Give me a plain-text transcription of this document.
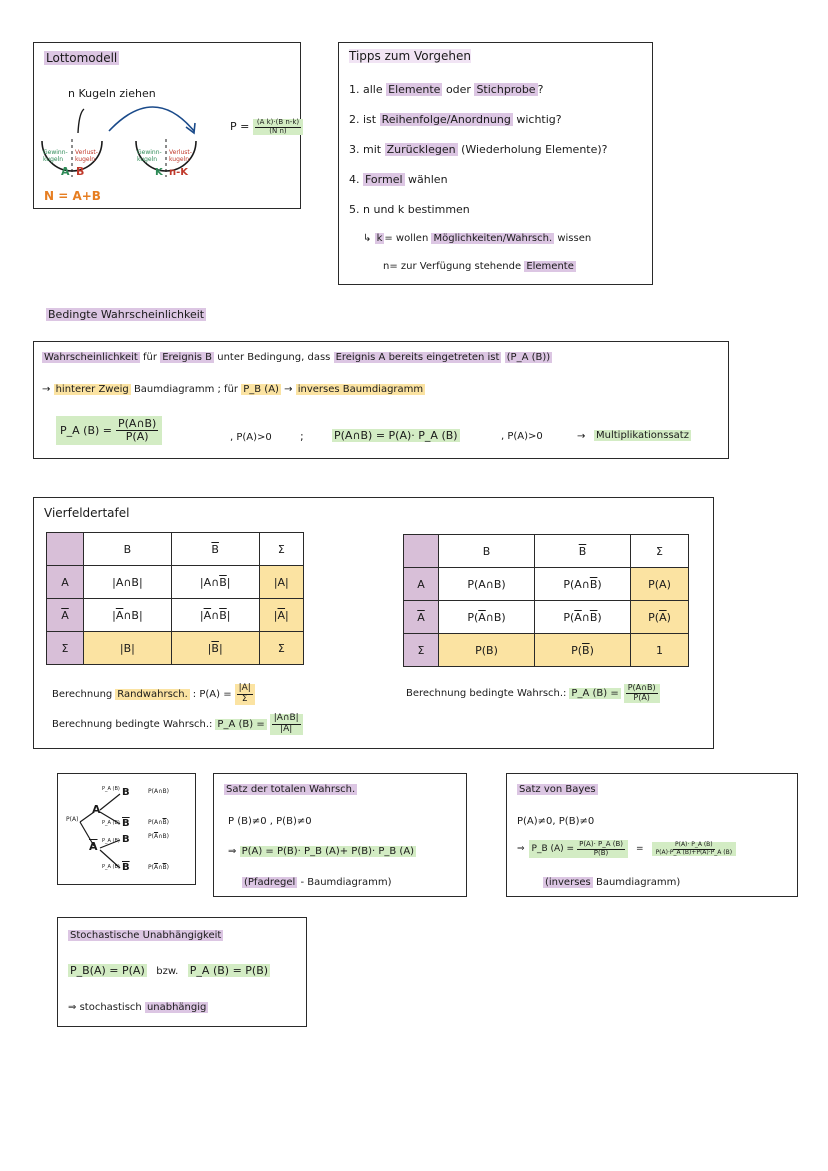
Lottomodell
n Kugeln ziehen
Gewinn-kugeln
Verlust-kugeln
A B
Gewinn-kugeln
Verlust-kugeln
K n-K
N = A+B
$P = \frac{\text{(A k)·(B n-k)}}{\text{(N n)}}$
Tipps zum Vorgehen
1. alle Elemente oder Stichprobe ?
2. ist Reihenfolge/Anordnung wichtig?
3. mit Zurücklegen (Wiederholung Elemente)?
4. Formel wählen
5. n und k bestimmen
↳ k = wollen Möglichkeiten/Wahrsch. wissen
n= zur Verfügung stehende Elemente
Bedingte Wahrscheinlichkeit
Wahrscheinlichkeit für Ereignis B unter Bedingung, dass Ereignis A bereits eingetreten ist (P_A (B))
→ hinterer Zweig Baumdiagramm ; für P_B (A) → inverses Baumdiagramm
P_A $(B) = \frac{P(A\cap B)}{P(A)}$	, P(A)>0	;	P(A∩B) = P(A)· P_A (B)	, P(A)>0	→ Multiplikationssatz
Vierfeldertafel
	B	$\overline{B}$	Σ
A	|A∩B|	$|A\cap\overline{B}|$	|A|
$\overline{A}$	$|\overline{A}\cap B|$	$|\overline{A}\cap\overline{B}|$	$|\overline{A}|$
Σ	|B|	$|\overline{B}|$	Σ
	B	$\overline{B}$	Σ
A	P(A∩B)	$P(A\cap\overline{B})$	P(A)
$\overline{A}$	$P(\overline{A}\cap B)$	$P(\overline{A}\cap\overline{B})$	$P(\overline{A})$
Σ	P(B)	$P(\overline{B})$	1
Berechnung Randwahrsch. : $P(A) = \frac{|A|}{\Sigma}$
Berechnung bedingte Wahrsch.: P_A $(B) = \frac{|A\cap B|}{|A|}$
Berechnung bedingte Wahrsch.: P_A $(B) = \frac{P(A\cap B)}{P(A)}$
P(A)
A
B
$\overline{B}$
$\overline{A}$
B
$\overline{B}$
P_A (B)
P_A (B)
P_A (B)
P_A (B)
P(A∩B)
$P(A\cap\overline{B})$
$P(\overline{A}\cap B)$
$P(\overline{A}\cap\overline{B})$
Satz der totalen Wahrsch.
P (B)≠0 , P(B)≠0
⇒ P(A) = P(B)· P_B (A)+ P(B)· P_B (A)
(Pfadregel - Baumdiagramm)
Satz von Bayes
P(A)≠0, P(B)≠0
⇒ P_B $(A) = \frac{P(A)\cdot P\_A (B)}{P(B)} = \frac{P(A)\cdot P\_A (B)}{P(A)\cdot P\_A (B)+P(A)\cdot P\_A (B)}$
(inverses Baumdiagramm)
Stochastische Unabhängigkeit
P_B(A) = P(A) bzw. P_A (B) = P(B)
⇒ stochastisch unabhängig
